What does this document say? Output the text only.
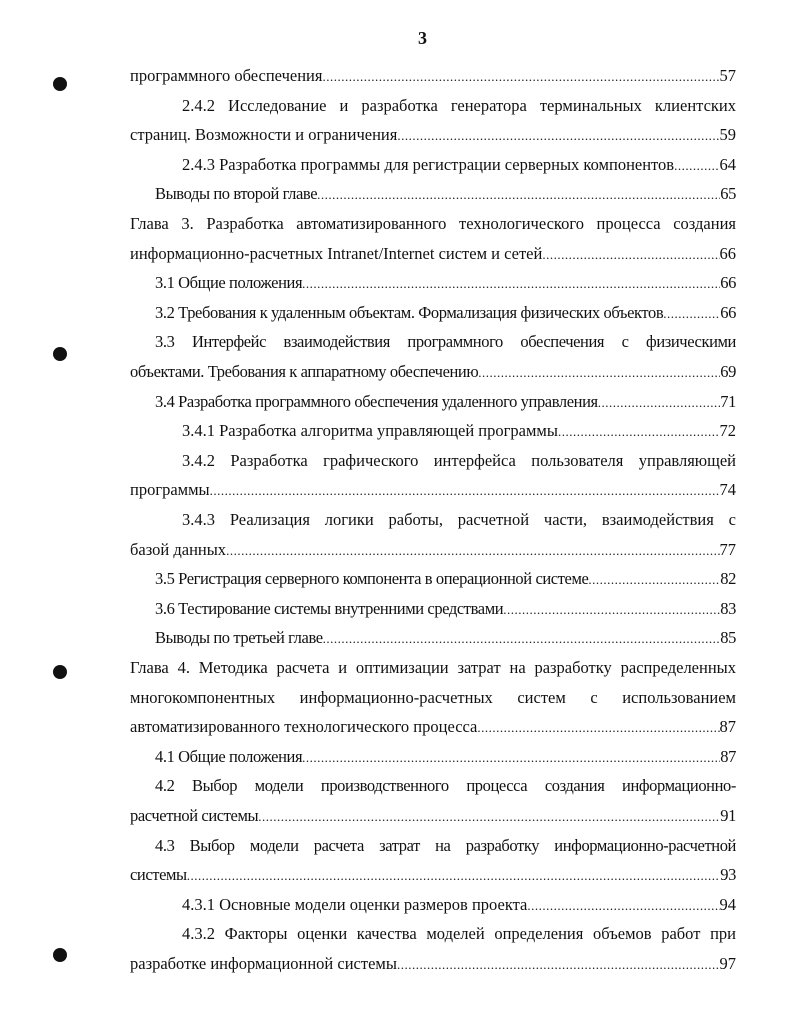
3
программного обеспечения .....	57
2.4.2 Исследование и разработка генератора терминальных клиентских
страниц. Возможности и ограничения .....	59
2.4.3 Разработка программы для регистрации серверных компонентов .....	64
Выводы по второй главе .....	65
Глава 3. Разработка автоматизированного технологического процесса создания
информационно-расчетных Intranet/Internet систем и сетей .....	66
3.1 Общие положения .....	66
3.2 Требования к удаленным объектам. Формализация физических объектов .....	66
3.3 Интерфейс взаимодействия программного обеспечения с физическими
объектами. Требования к аппаратному обеспечению .....	69
3.4 Разработка программного обеспечения удаленного управления .....	71
3.4.1 Разработка алгоритма управляющей программы .....	72
3.4.2 Разработка графического интерфейса пользователя управляющей
программы .....	74
3.4.3 Реализация логики работы, расчетной части, взаимодействия с
базой данных .....	77
3.5 Регистрация серверного компонента в операционной системе .....	82
3.6 Тестирование системы внутренними средствами .....	83
Выводы по третьей главе .....	85
Глава 4. Методика расчета и оптимизации затрат на разработку распределенных
многокомпонентных информационно-расчетных систем с использованием
автоматизированного технологического процесса .....	87
4.1 Общие положения .....	87
4.2 Выбор модели производственного процесса создания информационно-
расчетной системы .....	91
4.3 Выбор модели расчета затрат на разработку информационно-расчетной
системы .....	93
4.3.1 Основные модели оценки размеров проекта .....	94
4.3.2 Факторы оценки качества моделей определения объемов работ при
разработке информационной системы .....	97
